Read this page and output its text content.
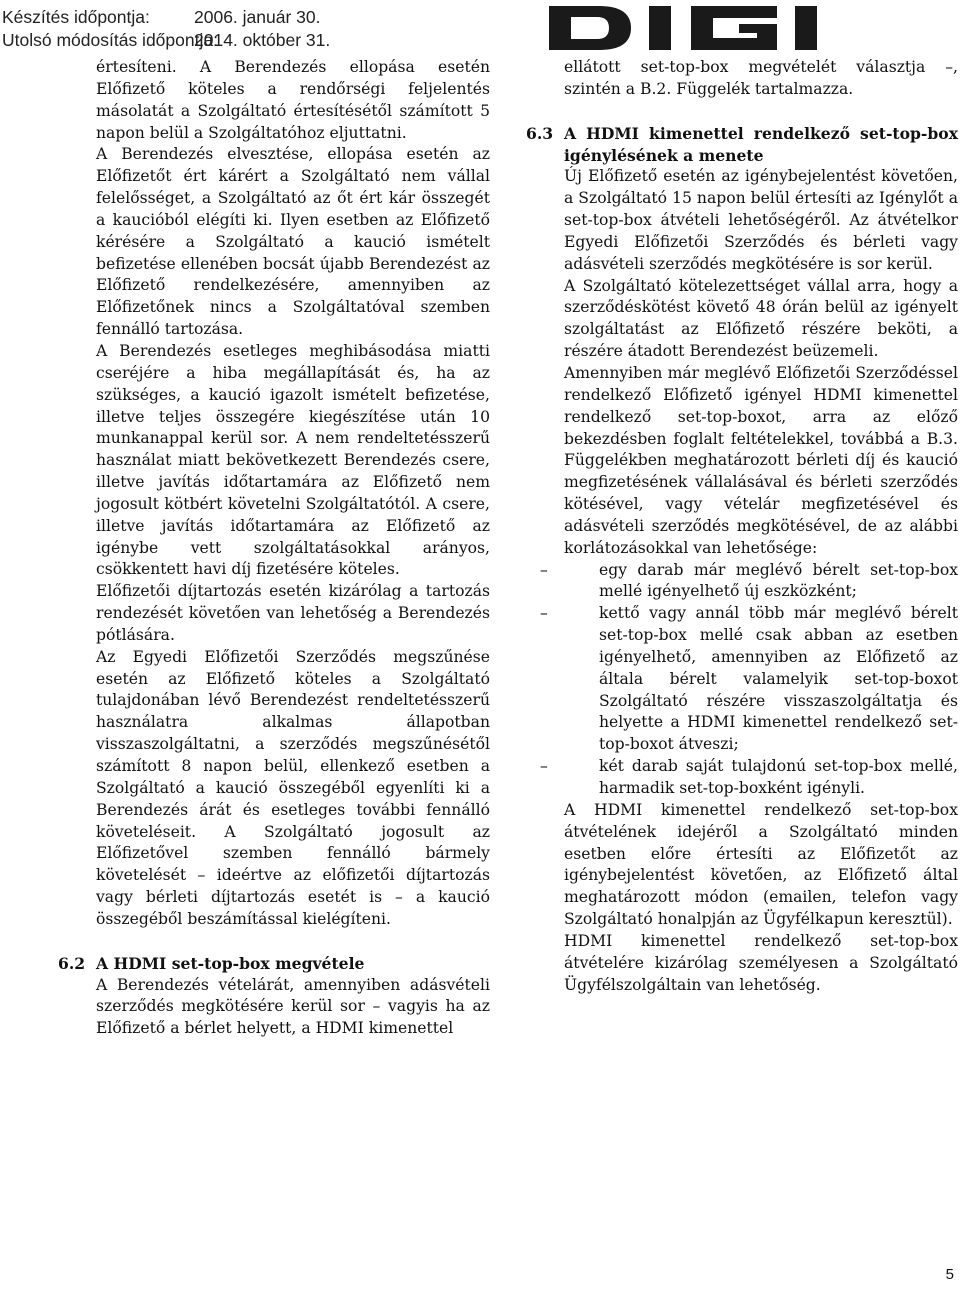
Készítés időpontja:	2006. január 30.
Utolsó módosítás időpontja:2014. október 31.

értesíteni. A Berendezés ellopása esetén Előfizető köteles a rendőrségi feljelentés másolatát a Szolgáltató értesítésétől számított 5 napon belül a Szolgáltatóhoz eljuttatni.

A Berendezés elvesztése, ellopása esetén az Előfizetőt ért kárért a Szolgáltató nem vállal felelősséget, a Szolgáltató az őt ért kár összegét a kaucióból elégíti ki. Ilyen esetben az Előfizető kérésére a Szolgáltató a kaució ismételt befizetése ellenében bocsát újabb Berendezést az Előfizető rendelkezésére, amennyiben az Előfizetőnek nincs a Szolgáltatóval szemben fennálló tartozása.

A Berendezés esetleges meghibásodása miatti cseréjére a hiba megállapítását és, ha az szükséges, a kaució igazolt ismételt befizetése, illetve teljes összegére kiegészítése után 10 munkanappal kerül sor. A nem rendeltetésszerű használat miatt bekövetkezett Berendezés csere, illetve javítás időtartamára az Előfizető nem jogosult kötbért követelni Szolgáltatótól. A csere, illetve javítás időtartamára az Előfizető az igénybe vett szolgáltatásokkal arányos, csökkentett havi díj fizetésére köteles.

Előfizetői díjtartozás esetén kizárólag a tartozás rendezését követően van lehetőség a Berendezés pótlására.

Az Egyedi Előfizetői Szerződés megszűnése esetén az Előfizető köteles a Szolgáltató tulajdonában lévő Berendezést rendeltetésszerű használatra alkalmas állapotban visszaszolgáltatni, a szerződés megszűnésétől számított 8 napon belül, ellenkező esetben a Szolgáltató a kaució összegéből egyenlíti ki a Berendezés árát és esetleges további fennálló követeléseit. A Szolgáltató jogosult az Előfizetővel szemben fennálló bármely követelését – ideértve az előfizetői díjtartozás vagy bérleti díjtartozás esetét is – a kaució összegéből beszámítással kielégíteni.

6.2 A HDMI set-top-box megvétele

A Berendezés vételárát, amennyiben adásvételi szerződés megkötésére kerül sor – vagyis ha az Előfizető a bérlet helyett, a HDMI kimenettel

ellátott set-top-box megvételét választja –, szintén a B.2. Függelék tartalmazza.

6.3 A HDMI kimenettel rendelkező set-top-box igénylésének a menete

Új Előfizető esetén az igénybejelentést követően, a Szolgáltató 15 napon belül értesíti az Igénylőt a set-top-box átvételi lehetőségéről. Az átvételkor Egyedi Előfizetői Szerződés és bérleti vagy adásvételi szerződés megkötésére is sor kerül.

A Szolgáltató kötelezettséget vállal arra, hogy a szerződéskötést követő 48 órán belül az igényelt szolgáltatást az Előfizető részére beköti, a részére átadott Berendezést beüzemeli.

Amennyiben már meglévő Előfizetői Szerződéssel rendelkező Előfizető igényel HDMI kimenettel rendelkező set-top-boxot, arra az előző bekezdésben foglalt feltételekkel, továbbá a B.3. Függelékben meghatározott bérleti díj és kaució megfizetésének vállalásával és bérleti szerződés kötésével, vagy vételár megfizetésével és adásvételi szerződés megkötésével, de az alábbi korlátozásokkal van lehetősége:

–	egy darab már meglévő bérelt set-top-box mellé igényelhető új eszközként;
–	kettő vagy annál több már meglévő bérelt set-top-box mellé csak abban az esetben igényelhető, amennyiben az Előfizető az általa bérelt valamelyik set-top-boxot Szolgáltató részére visszaszolgáltatja és helyette a HDMI kimenettel rendelkező set-top-boxot átveszi;
–	két darab saját tulajdonú set-top-box mellé, harmadik set-top-boxként igényli.

A HDMI kimenettel rendelkező set-top-box átvételének idejéről a Szolgáltató minden esetben előre értesíti az Előfizetőt az igénybejelentést követően, az Előfizető által meghatározott módon (emailen, telefon vagy Szolgáltató honalpján az Ügyfélkapun keresztül).

HDMI kimenettel rendelkező set-top-box átvételére kizárólag személyesen a Szolgáltató Ügyfélszolgáltain van lehetőség.

5
